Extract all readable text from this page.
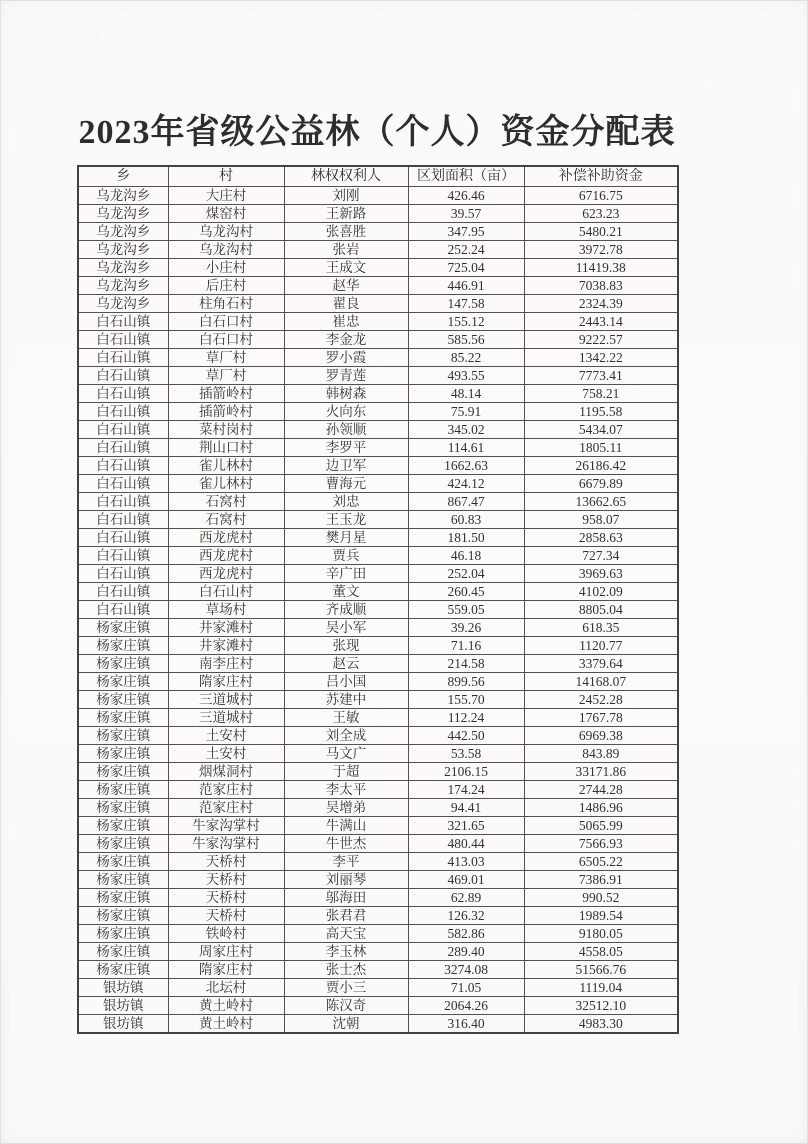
2023年省级公益林（个人）资金分配表
乡	村	林权权利人	区划面积（亩）	补偿补助资金
乌龙沟乡	大庄村	刘刚	426.46	6716.75
乌龙沟乡	煤窑村	王新路	39.57	623.23
乌龙沟乡	乌龙沟村	张喜胜	347.95	5480.21
乌龙沟乡	乌龙沟村	张岩	252.24	3972.78
乌龙沟乡	小庄村	王成文	725.04	11419.38
乌龙沟乡	后庄村	赵华	446.91	7038.83
乌龙沟乡	柱角石村	翟良	147.58	2324.39
白石山镇	白石口村	崔忠	155.12	2443.14
白石山镇	白石口村	李金龙	585.56	9222.57
白石山镇	草厂村	罗小霞	85.22	1342.22
白石山镇	草厂村	罗青莲	493.55	7773.41
白石山镇	插箭岭村	韩树森	48.14	758.21
白石山镇	插箭岭村	火向东	75.91	1195.58
白石山镇	菜村岗村	孙领顺	345.02	5434.07
白石山镇	荆山口村	李罗平	114.61	1805.11
白石山镇	雀儿林村	边卫军	1662.63	26186.42
白石山镇	雀儿林村	曹海元	424.12	6679.89
白石山镇	石窝村	刘忠	867.47	13662.65
白石山镇	石窝村	王玉龙	60.83	958.07
白石山镇	西龙虎村	樊月星	181.50	2858.63
白石山镇	西龙虎村	贾兵	46.18	727.34
白石山镇	西龙虎村	辛广田	252.04	3969.63
白石山镇	白石山村	董文	260.45	4102.09
白石山镇	草场村	齐成顺	559.05	8805.04
杨家庄镇	井家滩村	吴小军	39.26	618.35
杨家庄镇	井家滩村	张现	71.16	1120.77
杨家庄镇	南李庄村	赵云	214.58	3379.64
杨家庄镇	隋家庄村	吕小国	899.56	14168.07
杨家庄镇	三道城村	苏建中	155.70	2452.28
杨家庄镇	三道城村	王敏	112.24	1767.78
杨家庄镇	土安村	刘全成	442.50	6969.38
杨家庄镇	土安村	马文广	53.58	843.89
杨家庄镇	烟煤洞村	于超	2106.15	33171.86
杨家庄镇	范家庄村	李太平	174.24	2744.28
杨家庄镇	范家庄村	吴增弟	94.41	1486.96
杨家庄镇	牛家沟掌村	牛满山	321.65	5065.99
杨家庄镇	牛家沟掌村	牛世杰	480.44	7566.93
杨家庄镇	天桥村	李平	413.03	6505.22
杨家庄镇	天桥村	刘丽琴	469.01	7386.91
杨家庄镇	天桥村	邬海田	62.89	990.52
杨家庄镇	天桥村	张君君	126.32	1989.54
杨家庄镇	铁岭村	高天宝	582.86	9180.05
杨家庄镇	周家庄村	李玉林	289.40	4558.05
杨家庄镇	隋家庄村	张士杰	3274.08	51566.76
银坊镇	北坛村	贾小三	71.05	1119.04
银坊镇	黄土岭村	陈汉奇	2064.26	32512.10
银坊镇	黄土岭村	沈朝	316.40	4983.30
